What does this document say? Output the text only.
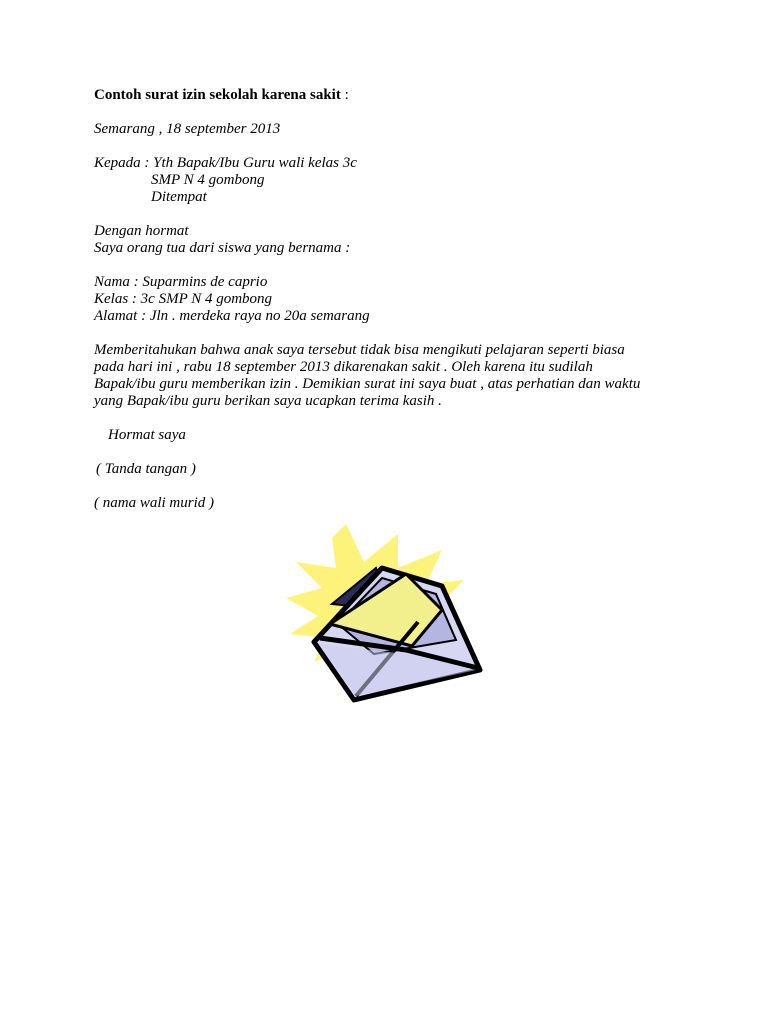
Contoh surat izin sekolah karena sakit :
Semarang , 18 september 2013
Kepada : Yth Bapak/Ibu Guru wali kelas 3c
SMP N 4 gombong
Ditempat
Dengan hormat
Saya orang tua dari siswa yang bernama :
Nama : Suparmins de caprio
Kelas : 3c SMP N 4 gombong
Alamat : Jln . merdeka raya no 20a semarang
Memberitahukan bahwa anak saya tersebut tidak bisa mengikuti pelajaran seperti biasa
pada hari ini , rabu 18 september 2013 dikarenakan sakit . Oleh karena itu sudilah
Bapak/ibu guru memberikan izin . Demikian surat ini saya buat , atas perhatian dan waktu
yang Bapak/ibu guru berikan saya ucapkan terima kasih .
Hormat saya
( Tanda tangan )
( nama wali murid )
